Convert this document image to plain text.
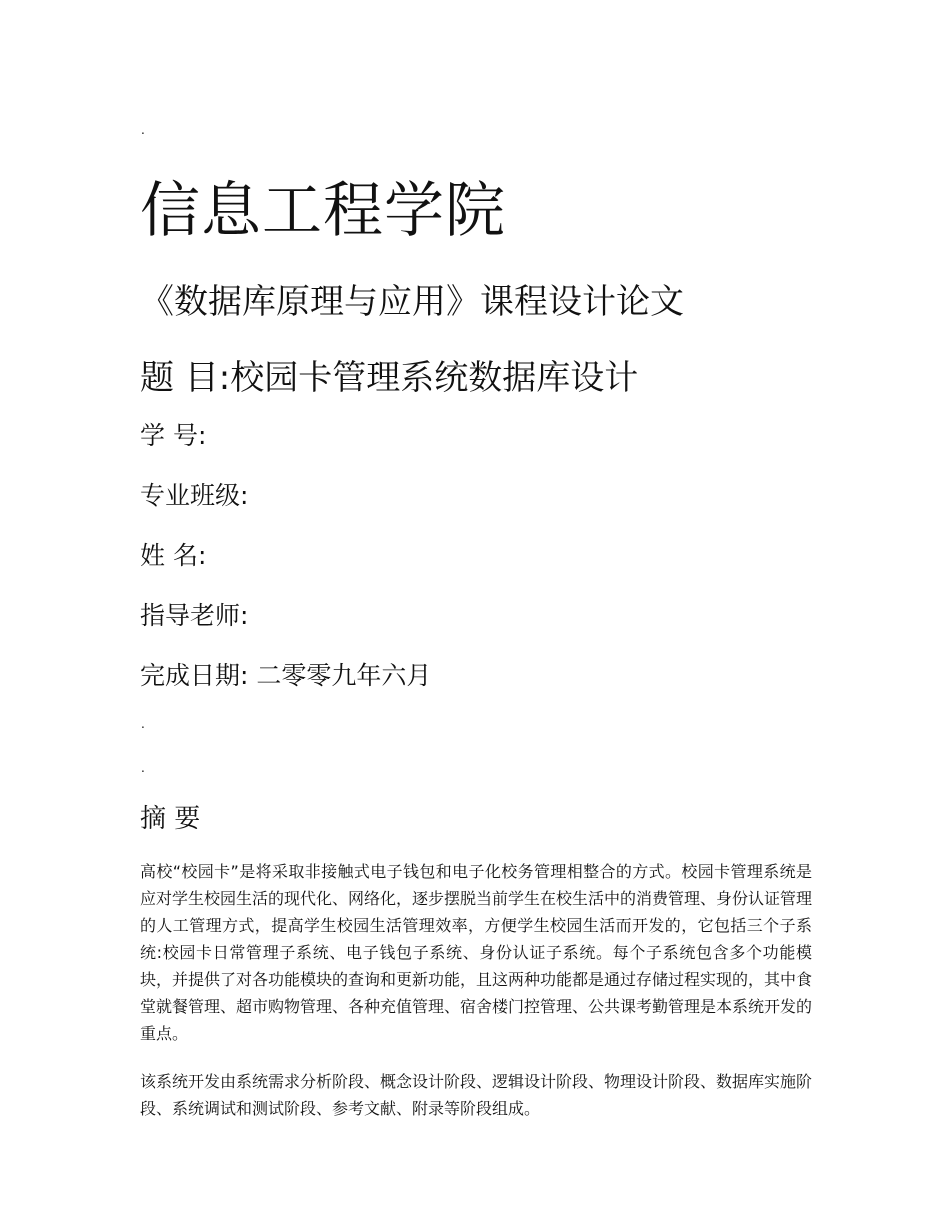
.
信息工程学院
《数据库原理与应用》课程设计论文
题 目:校园卡管理系统数据库设计
学 号:
专业班级:
姓 名:
指导老师:
完成日期: 二零零九年六月
.
.
摘 要

高校“校园卡”是将采取非接触式电子钱包和电子化校务管理相整合的方式。校园卡管理系统是应对学生校园生活的现代化、网络化，逐步摆脱当前学生在校生活中的消费管理、身份认证管理的人工管理方式，提高学生校园生活管理效率，方便学生校园生活而开发的，它包括三个子系统:校园卡日常管理子系统、电子钱包子系统、身份认证子系统。每个子系统包含多个功能模块，并提供了对各功能模块的查询和更新功能，且这两种功能都是通过存储过程实现的，其中食堂就餐管理、超市购物管理、各种充值管理、宿舍楼门控管理、公共课考勤管理是本系统开发的重点。

该系统开发由系统需求分析阶段、概念设计阶段、逻辑设计阶段、物理设计阶段、数据库实施阶段、系统调试和测试阶段、参考文献、附录等阶段组成。
